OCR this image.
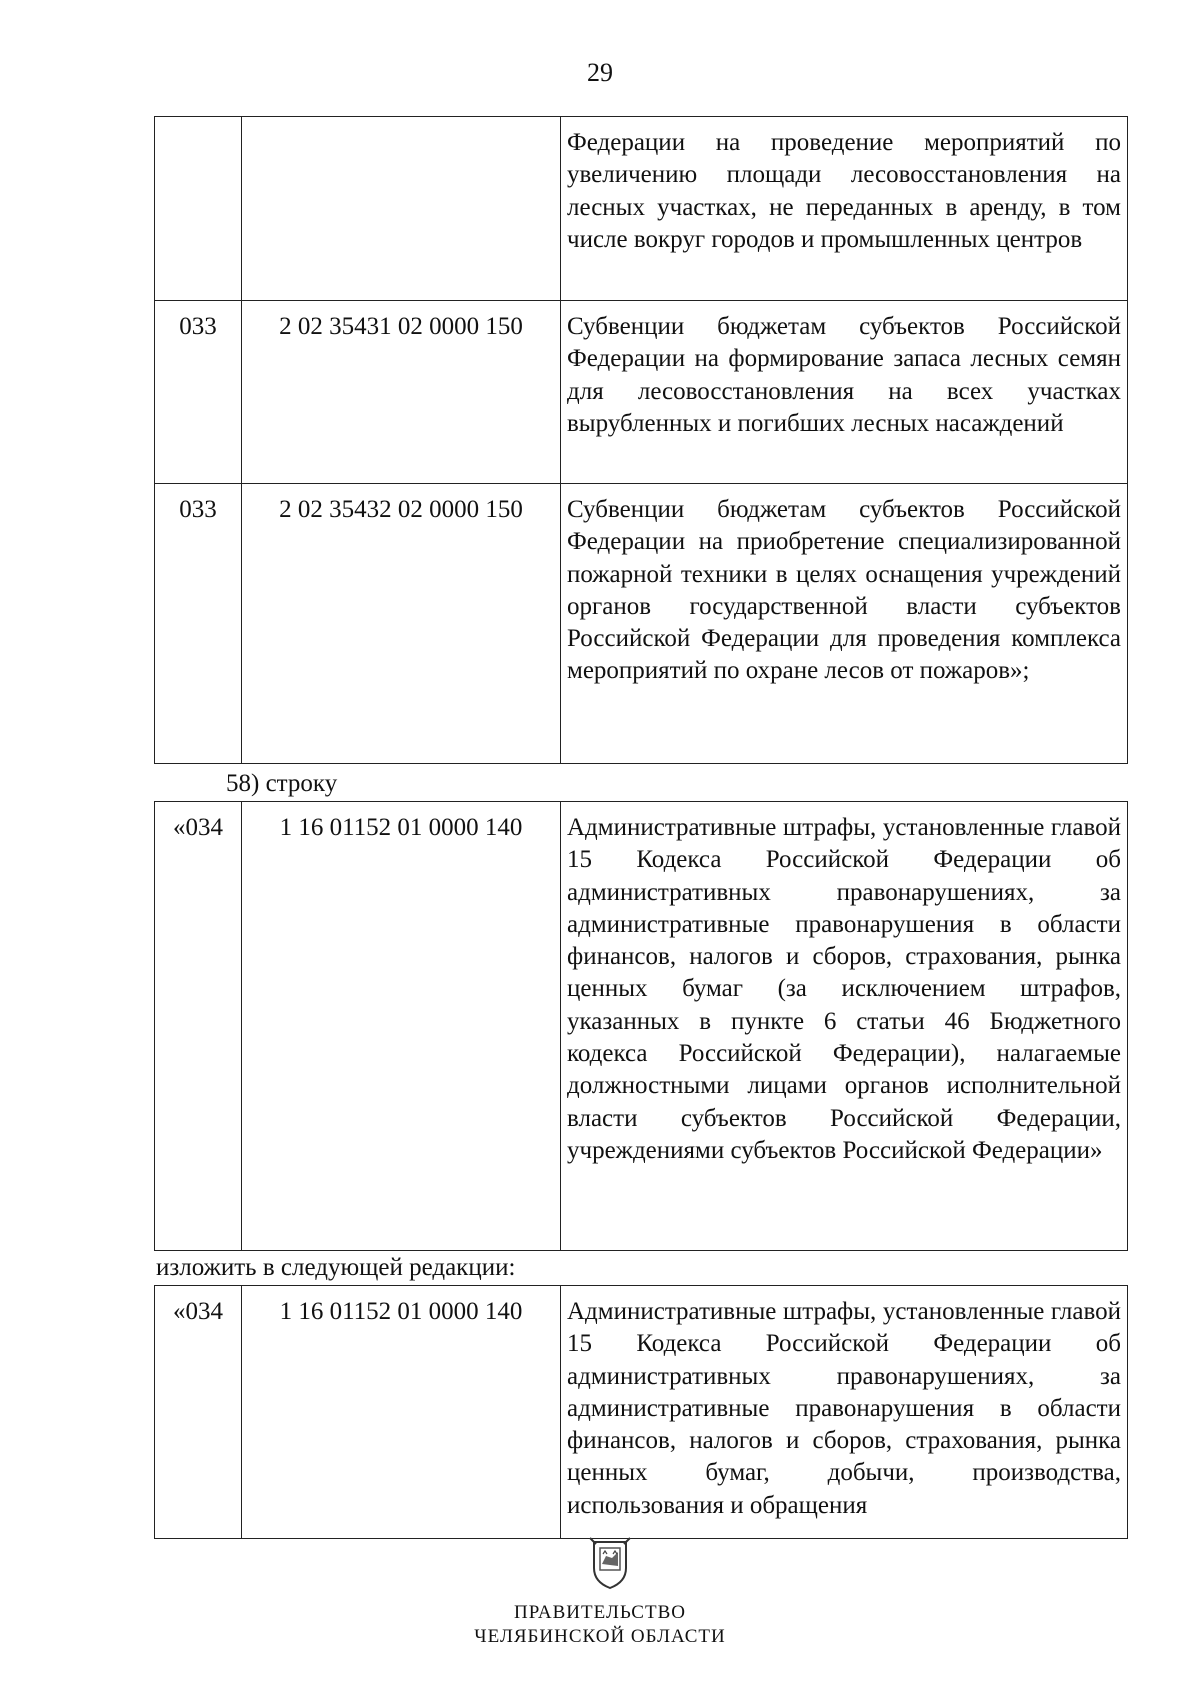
29
		Федерации на проведение мероприятий по увеличению площади лесовосстановления на лесных участках, не переданных в аренду, в том числе вокруг городов и промышленных центров
033	2 02 35431 02 0000 150	Субвенции бюджетам субъектов Российской Федерации на формирование запаса лесных семян для лесовосстановления на всех участках вырубленных и погибших лесных насаждений
033	2 02 35432 02 0000 150	Субвенции бюджетам субъектов Российской Федерации на приобретение специализированной пожарной техники в целях оснащения учреждений органов государственной власти субъектов Российской Федерации для проведения комплекса мероприятий по охране лесов от пожаров»;
58) строку
«034	1 16 01152 01 0000 140	Административные штрафы, установленные главой 15 Кодекса Российской Федерации об административных правонарушениях, за административные правонарушения в области финансов, налогов и сборов, страхования, рынка ценных бумаг (за исключением штрафов, указанных в пункте 6 статьи 46 Бюджетного кодекса Российской Федерации), налагаемые должностными лицами органов исполнительной власти субъектов Российской Федерации, учреждениями субъектов Российской Федерации»
изложить в следующей редакции:
«034	1 16 01152 01 0000 140	Административные штрафы, установленные главой 15 Кодекса Российской Федерации об административных правонарушениях, за административные правонарушения в области финансов, налогов и сборов, страхования, рынка ценных бумаг, добычи, производства, использования и обращения
ПРАВИТЕЛЬСТВО
ЧЕЛЯБИНСКОЙ ОБЛАСТИ
